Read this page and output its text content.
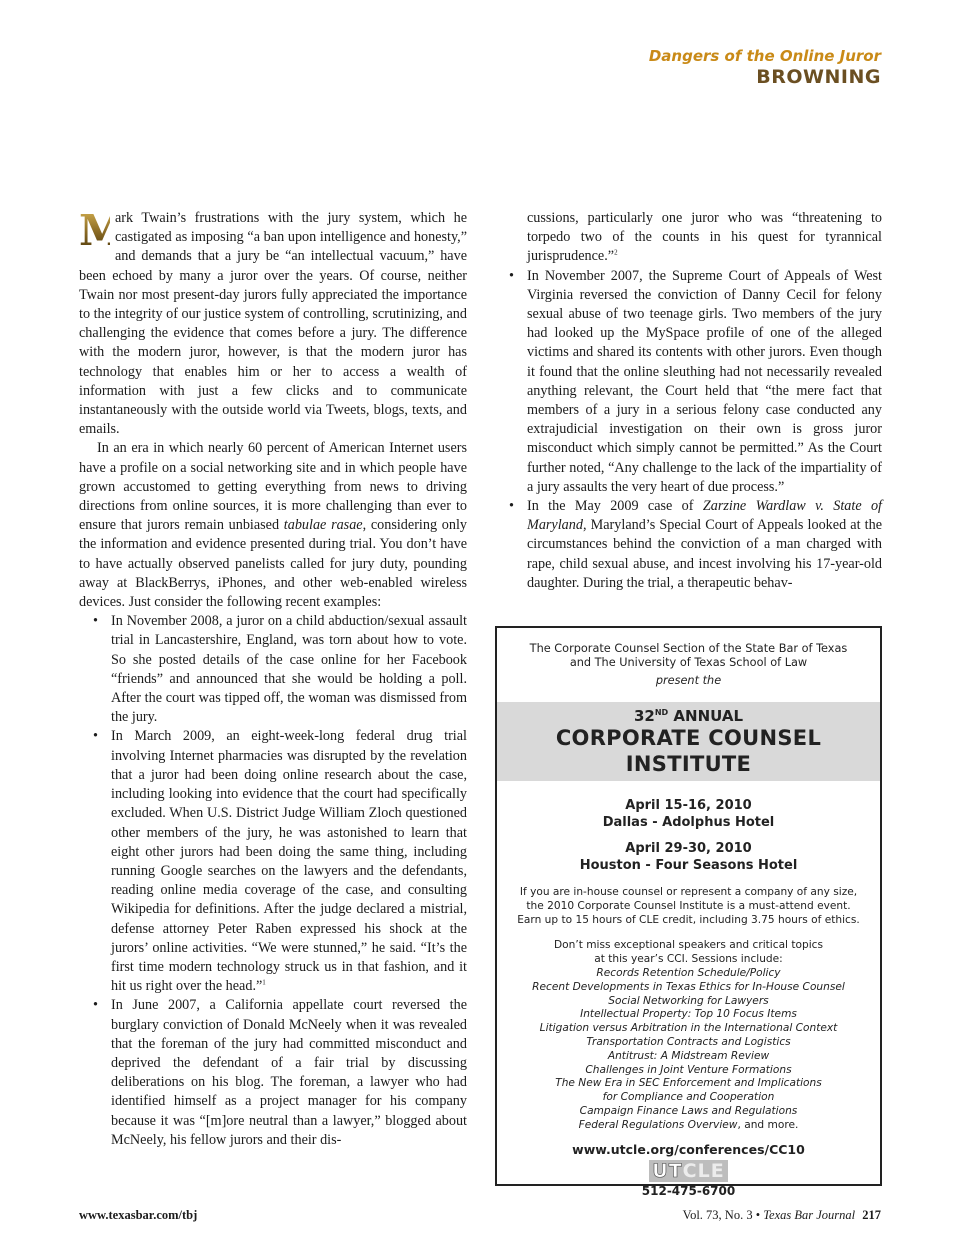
Dangers of the Online Juror
BROWNING

M
ark Twain’s frustrations with the jury system, which he castigated as imposing “a ban upon intelligence and honesty,” and demands that a jury be “an intellectual vacuum,” have been echoed by many a juror over the years. Of course, neither Twain nor most present-day jurors fully appreciated the importance to the integrity of our justice system of controlling, scrutinizing, and challenging the evidence that comes before a jury. The difference with the modern juror, however, is that the modern juror has technology that enables him or her to access a wealth of information with just a few clicks and to communicate instantaneously with the outside world via Tweets, blogs, texts, and emails.

In an era in which nearly 60 percent of American Internet users have a profile on a social networking site and in which people have grown accustomed to getting everything from news to driving directions from online sources, it is more challenging than ever to ensure that jurors remain unbiased tabulae rasae, considering only the information and evidence presented during trial. You don’t have to have actually observed panelists called for jury duty, pounding away at BlackBerrys, iPhones, and other web-enabled wireless devices. Just consider the following recent examples:

• In November 2008, a juror on a child abduction/sexual assault trial in Lancastershire, England, was torn about how to vote. So she posted details of the case online for her Facebook “friends” and announced that she would be holding a poll. After the court was tipped off, the woman was dismissed from the jury.
• In March 2009, an eight-week-long federal drug trial involving Internet pharmacies was disrupted by the revelation that a juror had been doing online research about the case, including looking into evidence that the court had specifically excluded. When U.S. District Judge William Zloch questioned other members of the jury, he was astonished to learn that eight other jurors had been doing the same thing, including running Google searches on the lawyers and the defendants, reading online media coverage of the case, and consulting Wikipedia for definitions. After the judge declared a mistrial, defense attorney Peter Raben expressed his shock at the jurors’ online activities. “We were stunned,” he said. “It’s the first time modern technology struck us in that fashion, and it hit us right over the head.”$^1$
• In June 2007, a California appellate court reversed the burglary conviction of Donald McNeely when it was revealed that the foreman of the jury had committed misconduct and deprived the defendant of a fair trial by discussing deliberations on his blog. The foreman, a lawyer who had identified himself as a project manager for his company because it was “[m]ore neutral than a lawyer,” blogged about McNeely, his fellow jurors and their dis-

cussions, particularly one juror who was “threatening to torpedo two of the counts in his quest for tyrannical jurisprudence.”$^2$

• In November 2007, the Supreme Court of Appeals of West Virginia reversed the conviction of Danny Cecil for felony sexual abuse of two teenage girls. Two members of the jury had looked up the MySpace profile of one of the alleged victims and shared its contents with other jurors. Even though it found that the online sleuthing had not necessarily revealed anything relevant, the Court held that “the mere fact that members of a jury in a serious felony case conducted any extrajudicial investigation on their own is gross juror misconduct which simply cannot be permitted.” As the Court further noted, “Any challenge to the lack of the impartiality of a jury assaults the very heart of due process.”
• In the May 2009 case of Zarzine Wardlaw v. State of Maryland, Maryland’s Special Court of Appeals looked at the circumstances behind the conviction of a man charged with rape, child sexual abuse, and incest involving his 17-year-old daughter. During the trial, a therapeutic behav-
The Corporate Counsel Section of the State Bar of Texas
and The University of Texas School of Law
present the
32ND ANNUAL
CORPORATE COUNSEL INSTITUTE
April 15-16, 2010
Dallas - Adolphus Hotel
April 29-30, 2010
Houston - Four Seasons Hotel
If you are in-house counsel or represent a company of any size,
the 2010 Corporate Counsel Institute is a must-attend event.
Earn up to 15 hours of CLE credit, including 3.75 hours of ethics.
Don’t miss exceptional speakers and critical topics
at this year’s CCI. Sessions include:
Records Retention Schedule/Policy
Recent Developments in Texas Ethics for In-House Counsel
Social Networking for Lawyers
Intellectual Property: Top 10 Focus Items
Litigation versus Arbitration in the International Context
Transportation Contracts and Logistics
Antitrust: A Midstream Review
Challenges in Joint Venture Formations
The New Era in SEC Enforcement and Implications
for Compliance and Cooperation
Campaign Finance Laws and Regulations
Federal Regulations Overview, and more.
www.utcle.org/conferences/CC10
UTCLE
512-475-6700
www.texasbar.com/tbj	Vol. 73, No. 3 • Texas Bar Journal 217
